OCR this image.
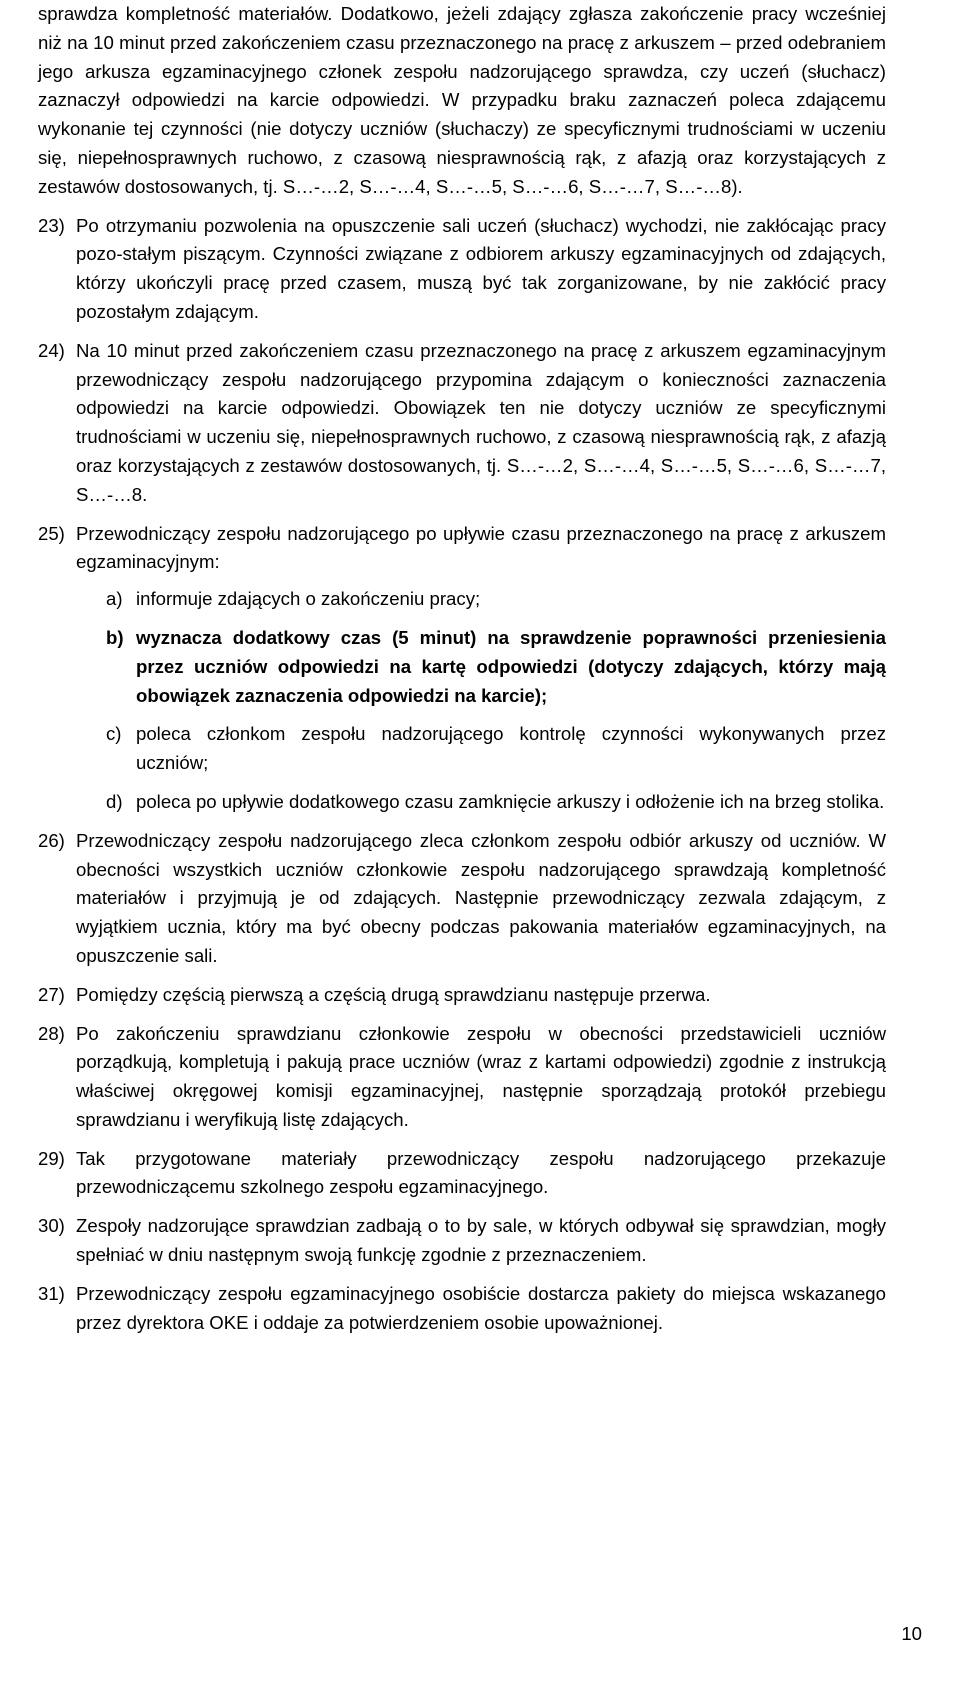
sprawdza kompletność materiałów. Dodatkowo, jeżeli zdający zgłasza zakończenie pracy wcześniej niż na 10 minut przed zakończeniem czasu przeznaczonego na pracę z arkuszem – przed odebraniem jego arkusza egzaminacyjnego członek zespołu nadzorującego sprawdza, czy uczeń (słuchacz) zaznaczył odpowiedzi na karcie odpowiedzi. W przypadku braku zaznaczeń poleca zdającemu wykonanie tej czynności (nie dotyczy uczniów (słuchaczy) ze specyficznymi trudnościami w uczeniu się, niepełnosprawnych ruchowo, z czasową niesprawnością rąk, z afazją oraz korzystających z zestawów dostosowanych, tj. S…-…2, S…-…4, S…-…5, S…-…6, S…-…7, S…-…8).

23) Po otrzymaniu pozwolenia na opuszczenie sali uczeń (słuchacz) wychodzi, nie zakłócając pracy pozo-stałym piszącym. Czynności związane z odbiorem arkuszy egzaminacyjnych od zdających, którzy ukończyli pracę przed czasem, muszą być tak zorganizowane, by nie zakłócić pracy pozostałym zdającym.

24) Na 10 minut przed zakończeniem czasu przeznaczonego na pracę z arkuszem egzaminacyjnym przewodniczący zespołu nadzorującego przypomina zdającym o konieczności zaznaczenia odpowiedzi na karcie odpowiedzi. Obowiązek ten nie dotyczy uczniów ze specyficznymi trudnościami w uczeniu się, niepełnosprawnych ruchowo, z czasową niesprawnością rąk, z afazją oraz korzystających z zestawów dostosowanych, tj. S…-…2, S…-…4, S…-…5, S…-…6, S…-…7, S…-…8.

25) Przewodniczący zespołu nadzorującego po upływie czasu przeznaczonego na pracę z arkuszem egzaminacyjnym:

a) informuje zdających o zakończeniu pracy;
b) wyznacza dodatkowy czas (5 minut) na sprawdzenie poprawności przeniesienia przez uczniów odpowiedzi na kartę odpowiedzi (dotyczy zdających, którzy mają obowiązek zaznaczenia odpowiedzi na karcie);
c) poleca członkom zespołu nadzorującego kontrolę czynności wykonywanych przez uczniów;
d) poleca po upływie dodatkowego czasu zamknięcie arkuszy i odłożenie ich na brzeg stolika.
26) Przewodniczący zespołu nadzorującego zleca członkom zespołu odbiór arkuszy od uczniów. W obecności wszystkich uczniów członkowie zespołu nadzorującego sprawdzają kompletność materiałów i przyjmują je od zdających. Następnie przewodniczący zezwala zdającym, z wyjątkiem ucznia, który ma być obecny podczas pakowania materiałów egzaminacyjnych, na opuszczenie sali.

27) Pomiędzy częścią pierwszą a częścią drugą sprawdzianu następuje przerwa.

28) Po zakończeniu sprawdzianu członkowie zespołu w obecności przedstawicieli uczniów porządkują, kompletują i pakują prace uczniów (wraz z kartami odpowiedzi) zgodnie z instrukcją właściwej okręgowej komisji egzaminacyjnej, następnie sporządzają protokół przebiegu sprawdzianu i weryfikują listę zdających.

29) Tak przygotowane materiały przewodniczący zespołu nadzorującego przekazuje przewodniczącemu szkolnego zespołu egzaminacyjnego.

30) Zespoły nadzorujące sprawdzian zadbają o to by sale, w których odbywał się sprawdzian, mogły spełniać w dniu następnym swoją funkcję zgodnie z przeznaczeniem.

31) Przewodniczący zespołu egzaminacyjnego osobiście dostarcza pakiety do miejsca wskazanego przez dyrektora OKE i oddaje za potwierdzeniem osobie upoważnionej.

10
